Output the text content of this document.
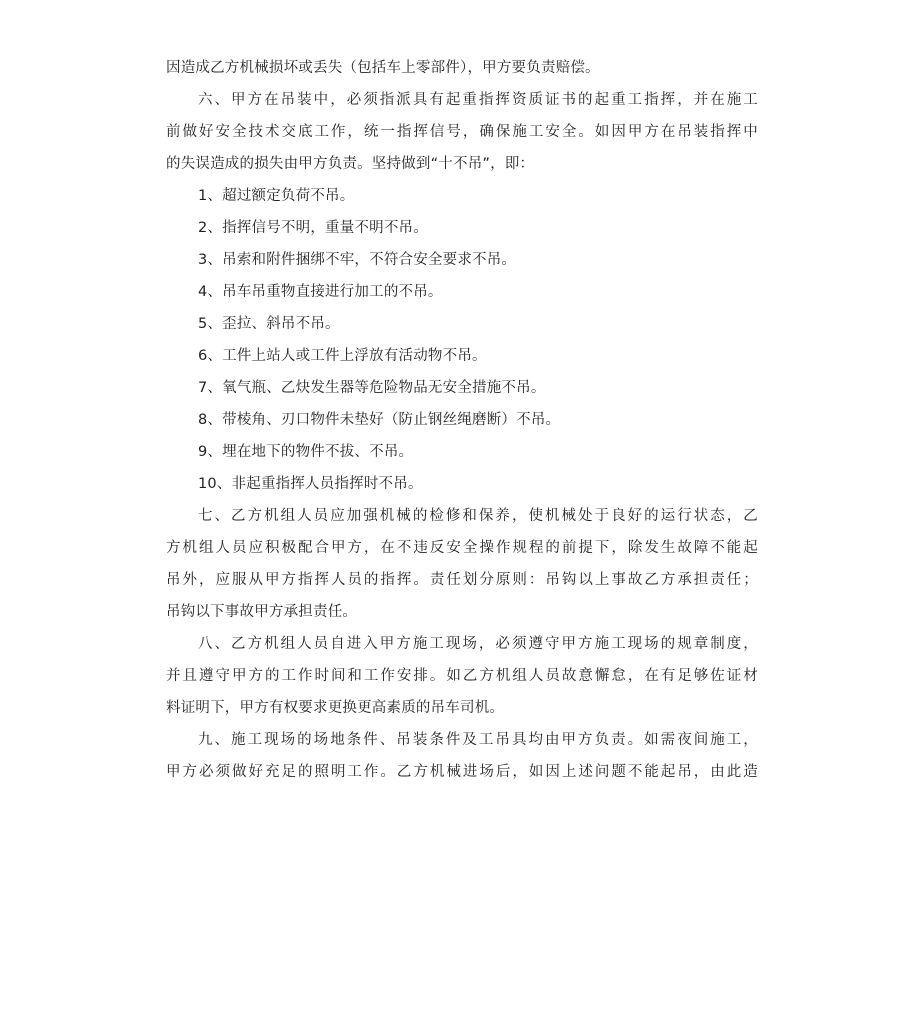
因造成乙方机械损坏或丢失（包括车上零部件），甲方要负责赔偿。
六、甲方在吊装中，必须指派具有起重指挥资质证书的起重工指挥，并在施工
前做好安全技术交底工作，统一指挥信号，确保施工安全。如因甲方在吊装指挥中
的失误造成的损失由甲方负责。坚持做到“十不吊”，即：
1、超过额定负荷不吊。
2、指挥信号不明，重量不明不吊。
3、吊索和附件捆绑不牢，不符合安全要求不吊。
4、吊车吊重物直接进行加工的不吊。
5、歪拉、斜吊不吊。
6、工件上站人或工件上浮放有活动物不吊。
7、氧气瓶、乙炔发生器等危险物品无安全措施不吊。
8、带棱角、刃口物件未垫好（防止钢丝绳磨断）不吊。
9、埋在地下的物件不拔、不吊。
10、非起重指挥人员指挥时不吊。
七、乙方机组人员应加强机械的检修和保养，使机械处于良好的运行状态，乙
方机组人员应积极配合甲方，在不违反安全操作规程的前提下，除发生故障不能起
吊外，应服从甲方指挥人员的指挥。责任划分原则：吊钩以上事故乙方承担责任；
吊钩以下事故甲方承担责任。
八、乙方机组人员自进入甲方施工现场，必须遵守甲方施工现场的规章制度，
并且遵守甲方的工作时间和工作安排。如乙方机组人员故意懈怠，在有足够佐证材
料证明下，甲方有权要求更换更高素质的吊车司机。
九、施工现场的场地条件、吊装条件及工吊具均由甲方负责。如需夜间施工，
甲方必须做好充足的照明工作。乙方机械进场后，如因上述问题不能起吊，由此造
